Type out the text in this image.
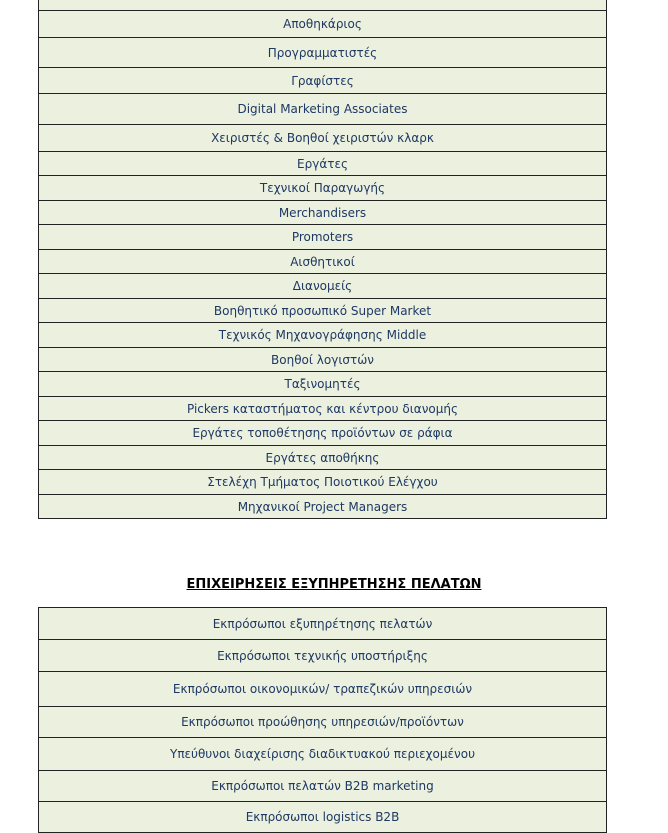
Αποθηκάριος
Προγραμματιστές
Γραφίστες
Digital Marketing Associates
Χειριστές & Βοηθοί χειριστών κλαρκ
Εργάτες
Τεχνικοί Παραγωγής
Merchandisers
Promoters
Αισθητικοί
Διανομείς
Βοηθητικό προσωπικό Super Market
Τεχνικός Μηχανογράφησης Middle
Βοηθοί λογιστών
Ταξινομητές
Pickers καταστήματος και κέντρου διανομής
Εργάτες τοποθέτησης προϊόντων σε ράφια
Εργάτες αποθήκης
Στελέχη Τμήματος Ποιοτικού Ελέγχου
Μηχανικοί Project Managers
ΕΠΙΧΕΙΡΗΣΕΙΣ ΕΞΥΠΗΡΕΤΗΣΗΣ ΠΕΛΑΤΩΝ
Εκπρόσωποι εξυπηρέτησης πελατών
Εκπρόσωποι τεχνικής υποστήριξης
Εκπρόσωποι οικονομικών/ τραπεζικών υπηρεσιών
Εκπρόσωποι προώθησης υπηρεσιών/προϊόντων
Υπεύθυνοι διαχείρισης διαδικτυακού περιεχομένου
Εκπρόσωποι πελατών B2B marketing
Εκπρόσωποι logistics B2B
